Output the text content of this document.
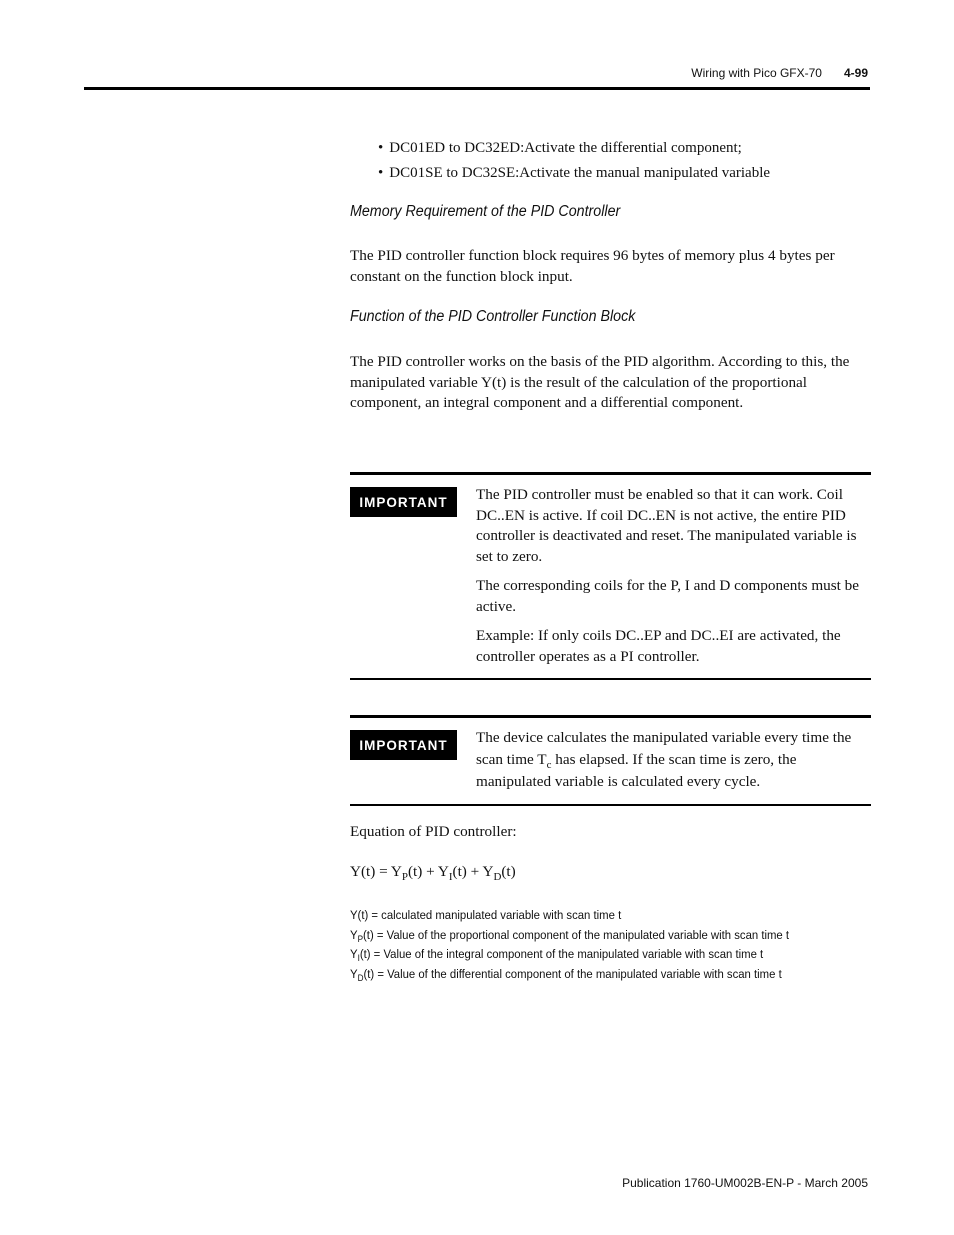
Wiring with Pico GFX-70 4-99
• DC01ED to DC32ED:Activate the differential component;
• DC01SE to DC32SE:Activate the manual manipulated variable
Memory Requirement of the PID Controller

The PID controller function block requires 96 bytes of memory plus 4 bytes per constant on the function block input.

Function of the PID Controller Function Block

The PID controller works on the basis of the PID algorithm. According to this, the manipulated variable Y(t) is the result of the calculation of the proportional component, an integral component and a differential component.

IMPORTANT	The PID controller must be enabled so that it can work. Coil DC..EN is active. If coil DC..EN is not active, the entire PID controller is deactivated and reset. The manipulated variable is set to zero.

The corresponding coils for the P, I and D components must be active.

Example: If only coils DC..EP and DC..EI are activated, the controller operates as a PI controller.

IMPORTANT	The device calculates the manipulated variable every time the scan time $T_c$ has elapsed. If the scan time is zero, the manipulated variable is calculated every cycle.
Equation of PID controller:
$Y(t) = Y_P(t) + Y_I(t) + Y_D(t)$
Y(t) = calculated manipulated variable with scan time t
$Y_P(t)$ = Value of the proportional component of the manipulated variable with scan time t
$Y_I(t)$ = Value of the integral component of the manipulated variable with scan time t
$Y_D(t)$ = Value of the differential component of the manipulated variable with scan time t
Publication 1760-UM002B-EN-P - March 2005
